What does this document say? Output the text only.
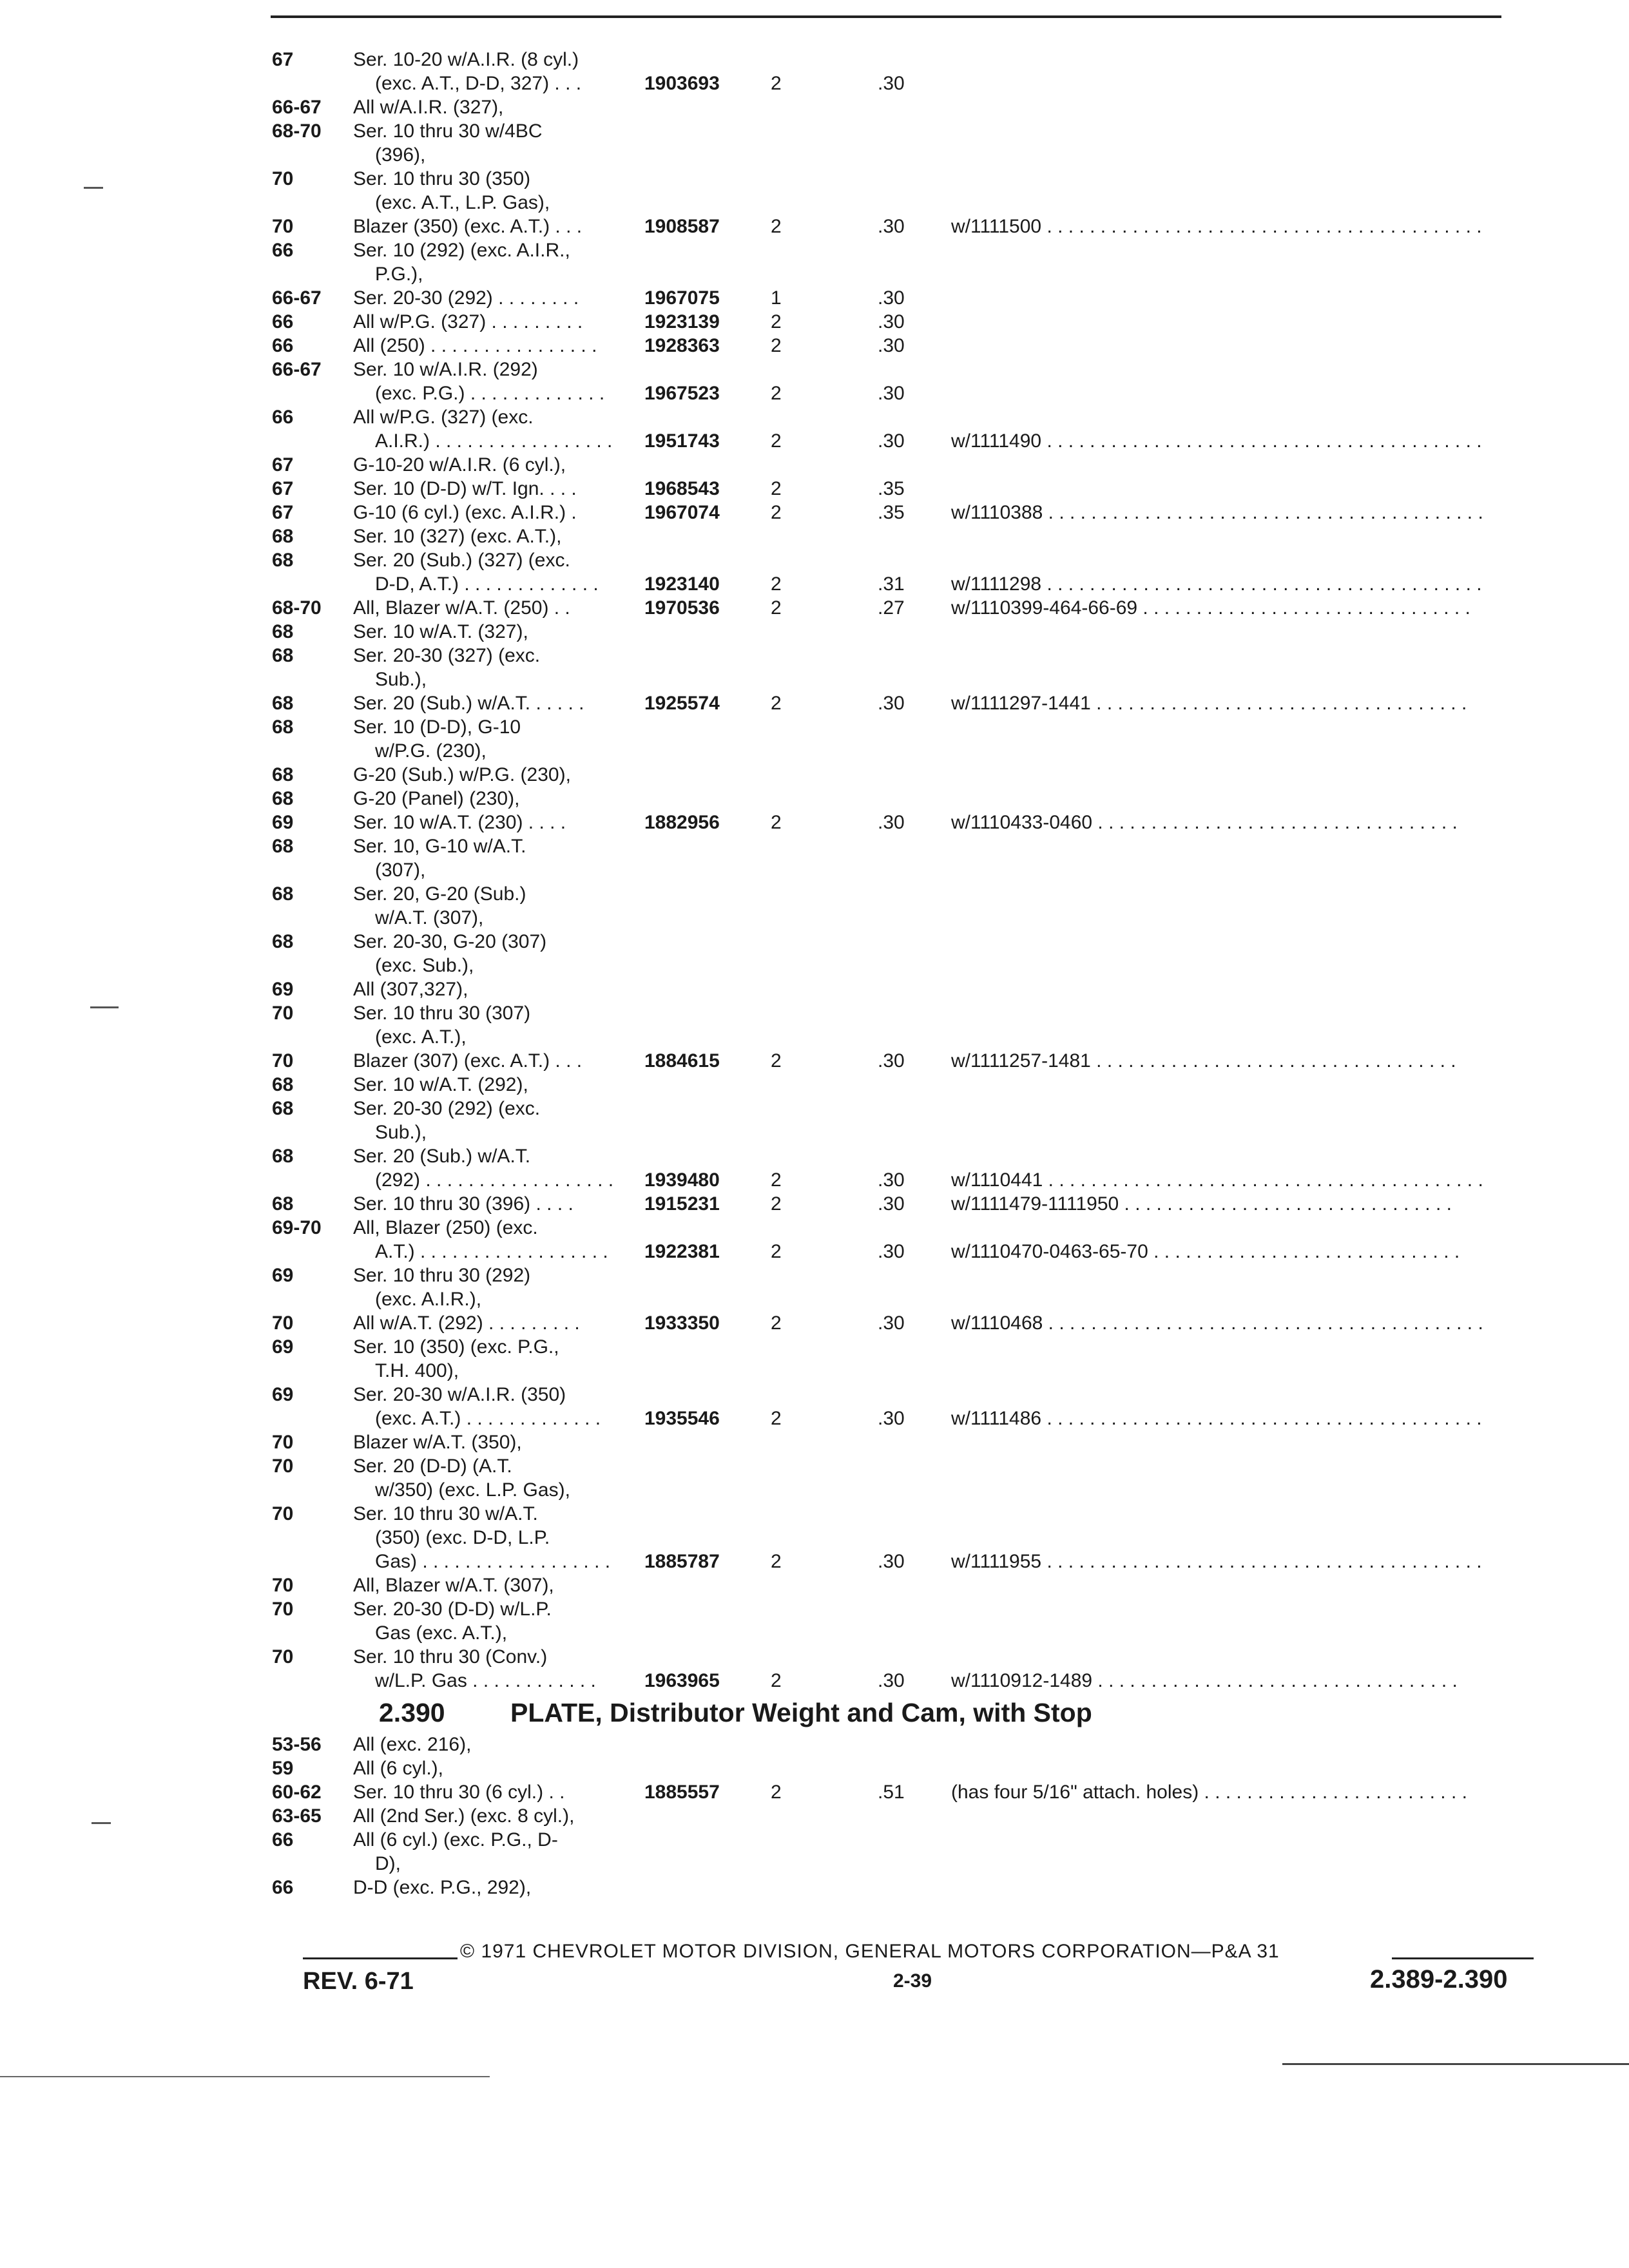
67	Ser. 10-20 w/A.I.R. (8 cyl.)
(exc. A.T., D-D, 327) . . .	1903693	2	.30
66-67 All w/A.I.R. (327),
68-70 Ser. 10 thru 30 w/4BC
(396),
70	Ser. 10 thru 30 (350)
(exc. A.T., L.P. Gas),
70	Blazer (350) (exc. A.T.) . . .	1908587	2	.30 w/1111500 . . . . . . . . . . . . . . . . . . . . . . . . . . . . . . . . . . . . . . . . .
66	Ser. 10 (292) (exc. A.I.R.,
P.G.),
66-67 Ser. 20-30 (292) . . . . . . . .	1967075	1	.30
66	All w/P.G. (327) . . . . . . . . .	1923139	2	.30
66	All (250) . . . . . . . . . . . . . . . . 1928363	2	.30
66-67 Ser. 10 w/A.I.R. (292)
(exc. P.G.) . . . . . . . . . . . . . 1967523	2	.30
66	All w/P.G. (327) (exc.
A.I.R.) . . . . . . . . . . . . . . . . . 1951743	2	.30 w/1111490 . . . . . . . . . . . . . . . . . . . . . . . . . . . . . . . . . . . . . . . . .
67	G-10-20 w/A.I.R. (6 cyl.),
67	Ser. 10 (D-D) w/T. Ign. . . .	1968543	2	.35
67	G-10 (6 cyl.) (exc. A.I.R.) .	1967074	2	.35 w/1110388 . . . . . . . . . . . . . . . . . . . . . . . . . . . . . . . . . . . . . . . . .
68	Ser. 10 (327) (exc. A.T.),
68	Ser. 20 (Sub.) (327) (exc.
D-D, A.T.) . . . . . . . . . . . . . 1923140	2	.31 w/1111298 . . . . . . . . . . . . . . . . . . . . . . . . . . . . . . . . . . . . . . . . .
68-70 All, Blazer w/A.T. (250) . .	1970536	2	.27 w/1110399-464-66-69 . . . . . . . . . . . . . . . . . . . . . . . . . . . . . . .
68	Ser. 10 w/A.T. (327),
68	Ser. 20-30 (327) (exc.
Sub.),
68	Ser. 20 (Sub.) w/A.T. . . . . .	1925574	2	.30 w/1111297-1441 . . . . . . . . . . . . . . . . . . . . . . . . . . . . . . . . . . .
68	Ser. 10 (D-D), G-10
w/P.G. (230),
68	G-20 (Sub.) w/P.G. (230),
68	G-20 (Panel) (230),
69	Ser. 10 w/A.T. (230) . . . .	1882956	2	.30 w/1110433-0460 . . . . . . . . . . . . . . . . . . . . . . . . . . . . . . . . . .
68	Ser. 10, G-10 w/A.T.
(307),
68	Ser. 20, G-20 (Sub.)
w/A.T. (307),
68	Ser. 20-30, G-20 (307)
(exc. Sub.),
69	All (307,327),
70	Ser. 10 thru 30 (307)
(exc. A.T.),
70	Blazer (307) (exc. A.T.) . . .	1884615	2	.30 w/1111257-1481 . . . . . . . . . . . . . . . . . . . . . . . . . . . . . . . . . .
68	Ser. 10 w/A.T. (292),
68	Ser. 20-30 (292) (exc.
Sub.),
68	Ser. 20 (Sub.) w/A.T.
(292) . . . . . . . . . . . . . . . . . . 1939480	2	.30 w/1110441 . . . . . . . . . . . . . . . . . . . . . . . . . . . . . . . . . . . . . . . . .
68	Ser. 10 thru 30 (396) . . . .	1915231	2	.30 w/1111479-1111950 . . . . . . . . . . . . . . . . . . . . . . . . . . . . . . .
69-70 All, Blazer (250) (exc.
A.T.) . . . . . . . . . . . . . . . . . . 1922381	2	.30 w/1110470-0463-65-70 . . . . . . . . . . . . . . . . . . . . . . . . . . . . .
69	Ser. 10 thru 30 (292)
(exc. A.I.R.),
70	All w/A.T. (292) . . . . . . . . .	1933350	2	.30 w/1110468 . . . . . . . . . . . . . . . . . . . . . . . . . . . . . . . . . . . . . . . . .
69	Ser. 10 (350) (exc. P.G.,
T.H. 400),
69	Ser. 20-30 w/A.I.R. (350)
(exc. A.T.) . . . . . . . . . . . . . 1935546	2	.30 w/1111486 . . . . . . . . . . . . . . . . . . . . . . . . . . . . . . . . . . . . . . . . .
70	Blazer w/A.T. (350),
70	Ser. 20 (D-D) (A.T.
w/350) (exc. L.P. Gas),
70	Ser. 10 thru 30 w/A.T.
(350) (exc. D-D, L.P.
Gas) . . . . . . . . . . . . . . . . . . 1885787	2	.30 w/1111955 . . . . . . . . . . . . . . . . . . . . . . . . . . . . . . . . . . . . . . . . .
70	All, Blazer w/A.T. (307),
70	Ser. 20-30 (D-D) w/L.P.
Gas (exc. A.T.),
70	Ser. 10 thru 30 (Conv.)
w/L.P. Gas . . . . . . . . . . . .	1963965	2	.30 w/1110912-1489 . . . . . . . . . . . . . . . . . . . . . . . . . . . . . . . . . .
2.390 PLATE, Distributor Weight and Cam, with Stop
53-56 All (exc. 216),
59	All (6 cyl.),
60-62 Ser. 10 thru 30 (6 cyl.) . .	1885557	2	.51 (has four 5/16" attach. holes) . . . . . . . . . . . . . . . . . . . . . . . . .
63-65 All (2nd Ser.) (exc. 8 cyl.),
66	All (6 cyl.) (exc. P.G., D-
D),
66	D-D (exc. P.G., 292),
© 1971 CHEVROLET MOTOR DIVISION, GENERAL MOTORS CORPORATION—P&A 31
REV. 6-71	2-39	2.389-2.390
